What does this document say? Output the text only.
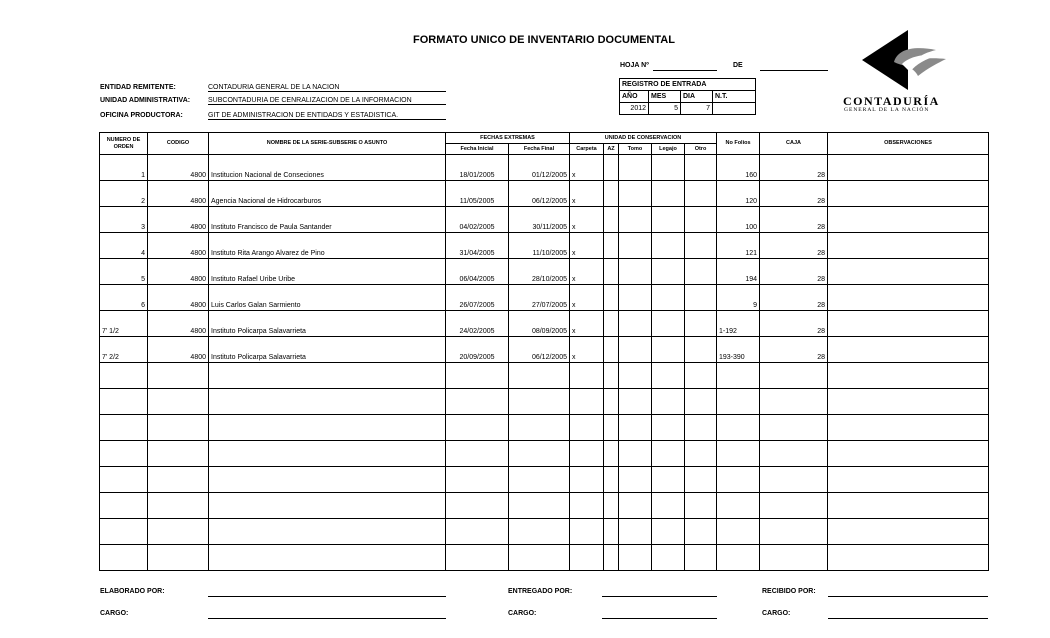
FORMATO UNICO DE INVENTARIO DOCUMENTAL
HOJA Nº	DE
ENTIDAD REMITENTE:	CONTADURIA GENERAL DE LA NACION
UNIDAD ADMINISTRATIVA:	SUBCONTADURIA DE CENRALIZACION DE LA INFORMACION
OFICINA PRODUCTORA:	GIT DE ADMINISTRACION DE ENTIDADS Y ESTADISTICA.
REGISTRO DE ENTRADA			
AÑO	MES	DIA	N.T.
2012	5	7	
CONTADURÍA
GENERAL DE LA NACIÓN
NUMERO DE ORDEN	CODIGO	NOMBRE DE LA SERIE-SUBSERIE O ASUNTO	FECHAS EXTREMAS		UNIDAD DE CONSERVACION					No Folios	CAJA	OBSERVACIONES
			Fecha Inicial	Fecha Final	Carpeta	AZ	Tomo	Legajo	Otro			
1	4800	Institucion Nacional de Conseciones	18/01/2005	01/12/2005	x					160	28	
2	4800	Agencia Nacional de Hidrocarburos	11/05/2005	06/12/2005	x					120	28	
3	4800	Instituto Francisco de Paula Santander	04/02/2005	30/11/2005	x					100	28	
4	4800	Instituto Rita Arango Alvarez de Pino	31/04/2005	11/10/2005	x					121	28	
5	4800	Instituto Rafael Uribe Uribe	06/04/2005	28/10/2005	x					194	28	
6	4800	Luis Carlos Galan Sarmiento	26/07/2005	27/07/2005	x					9	28	
7' 1/2	4800	Instituto Policarpa Salavarrieta	24/02/2005	08/09/2005	x					1-192	28	
7' 2/2	4800	Instituto Policarpa Salavarrieta	20/09/2005	06/12/2005	x					193-390	28	

ELABORADO POR:	ENTREGADO POR:	RECIBIDO POR:
CARGO:	CARGO:	CARGO:
